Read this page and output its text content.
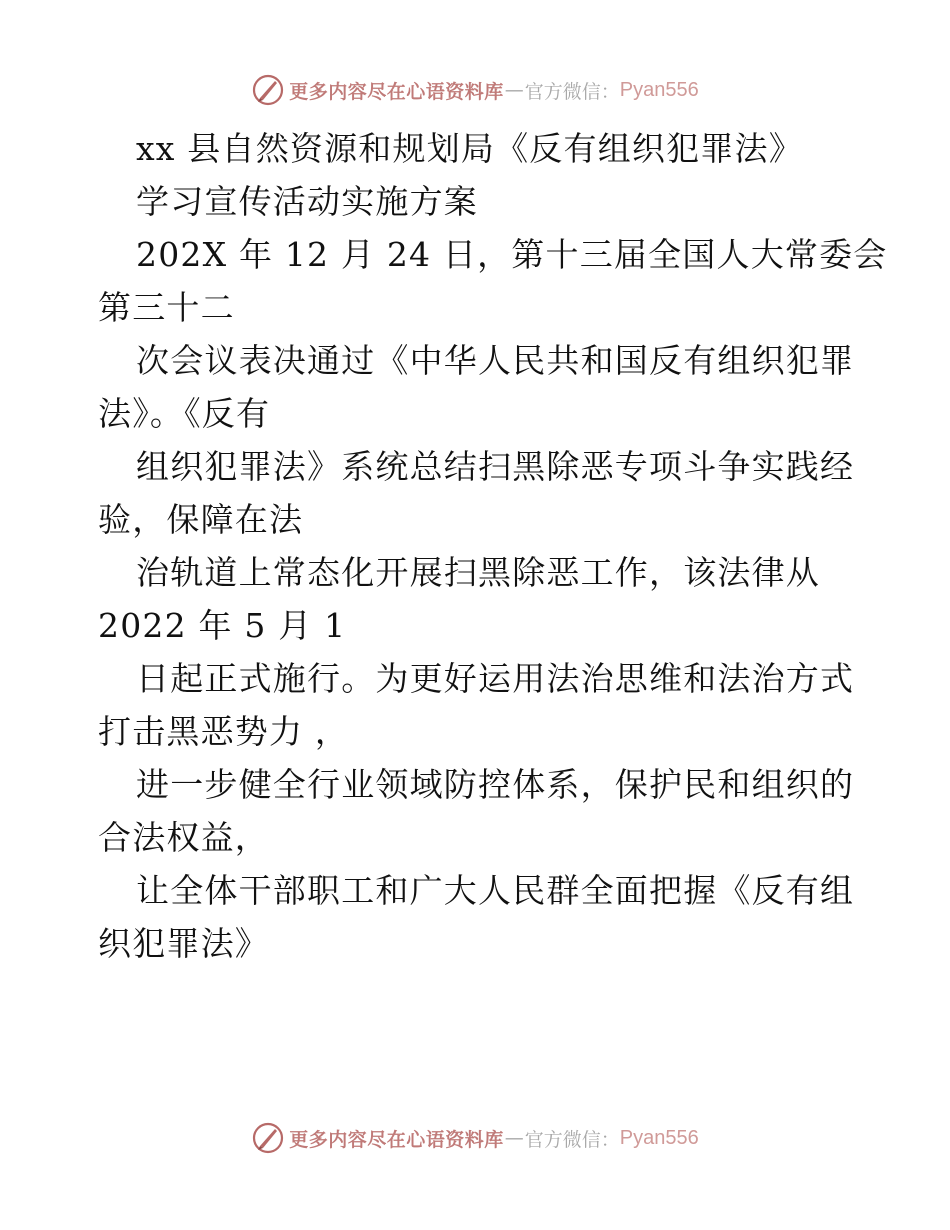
更多内容尽在心语资料库 — 官方微信： Pyan556
xx 县自然资源和规划局《反有组织犯罪法》
学习宣传活动实施方案
202X 年 12 月 24 日，第十三届全国人大常委会
第三十二
次会议表决通过《中华人民共和国反有组织犯罪
法》。《反有
组织犯罪法》系统总结扫黑除恶专项斗争实践经
验，保障在法
治轨道上常态化开展扫黑除恶工作，该法律从
2022 年 5 月 1
日起正式施行。为更好运用法治思维和法治方式
打击黑恶势力 ，
进一步健全行业领域防控体系，保护民和组织的
合法权益，
让全体干部职工和广大人民群全面把握《反有组
织犯罪法》
更多内容尽在心语资料库 — 官方微信： Pyan556
